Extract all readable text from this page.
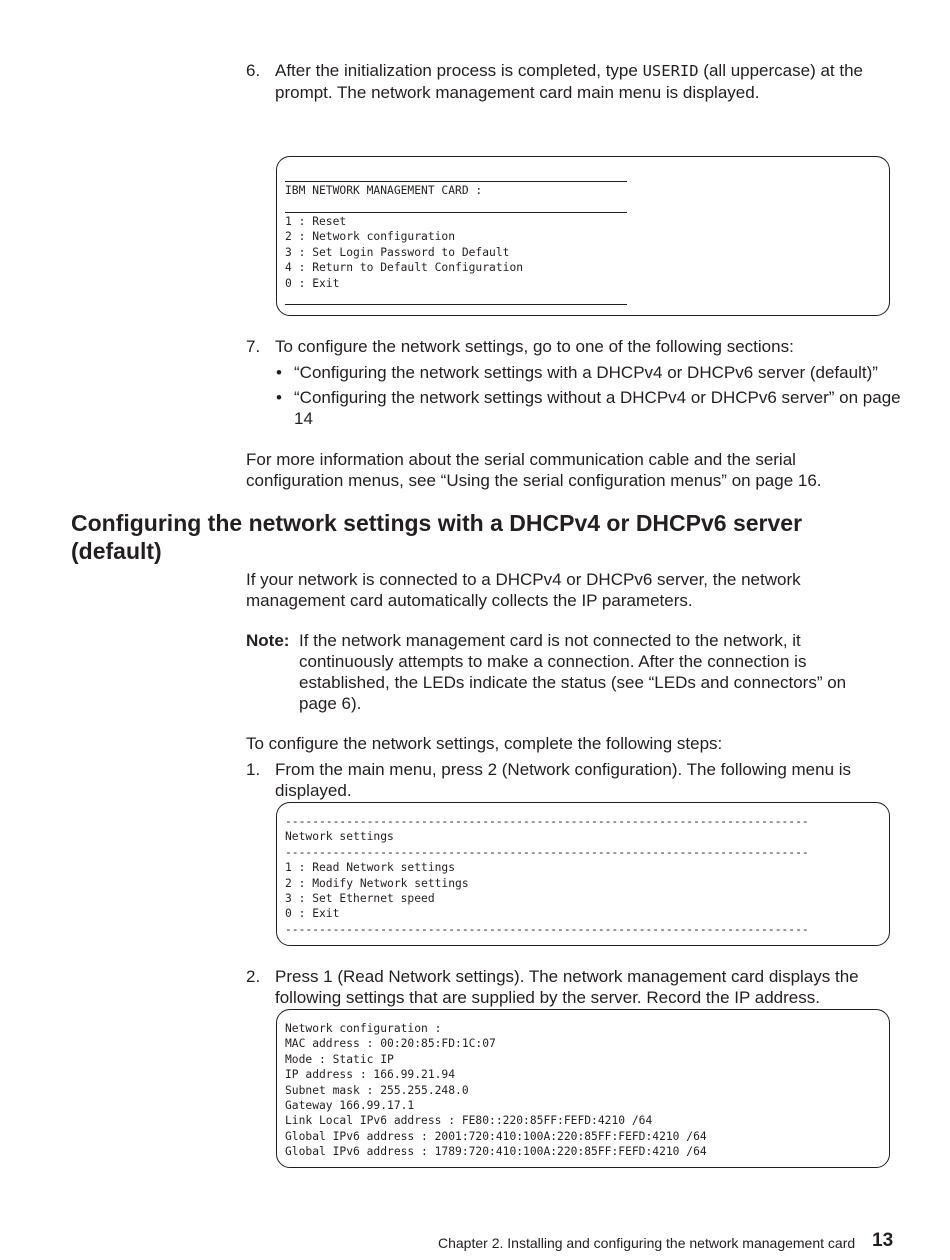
6. After the initialization process is completed, type USERID (all uppercase) at the prompt. The network management card main menu is displayed.
IBM NETWORK MANAGEMENT CARD :
1 : Reset
2 : Network configuration
3 : Set Login Password to Default
4 : Return to Default Configuration
0 : Exit
7. To configure the network settings, go to one of the following sections:
• “Configuring the network settings with a DHCPv4 or DHCPv6 server (default)”
• “Configuring the network settings without a DHCPv4 or DHCPv6 server” on page 14
For more information about the serial communication cable and the serial configuration menus, see “Using the serial configuration menus” on page 16.
Configuring the network settings with a DHCPv4 or DHCPv6 server (default)
If your network is connected to a DHCPv4 or DHCPv6 server, the network management card automatically collects the IP parameters.
Note: If the network management card is not connected to the network, it continuously attempts to make a connection. After the connection is established, the LEDs indicate the status (see “LEDs and connectors” on page 6).
To configure the network settings, complete the following steps:
1. From the main menu, press 2 (Network configuration). The following menu is displayed.
-----------------------------------------------------------------------------
Network settings
-----------------------------------------------------------------------------
1 : Read Network settings
2 : Modify Network settings
3 : Set Ethernet speed
0 : Exit
-----------------------------------------------------------------------------
2. Press 1 (Read Network settings). The network management card displays the following settings that are supplied by the server. Record the IP address.
Network configuration :
MAC address : 00:20:85:FD:1C:07
Mode : Static IP
IP address : 166.99.21.94
Subnet mask : 255.255.248.0
Gateway 166.99.17.1
Link Local IPv6 address : FE80::220:85FF:FEFD:4210 /64
Global IPv6 address : 2001:720:410:100A:220:85FF:FEFD:4210 /64
Global IPv6 address : 1789:720:410:100A:220:85FF:FEFD:4210 /64
Chapter 2. Installing and configuring the network management card 13
